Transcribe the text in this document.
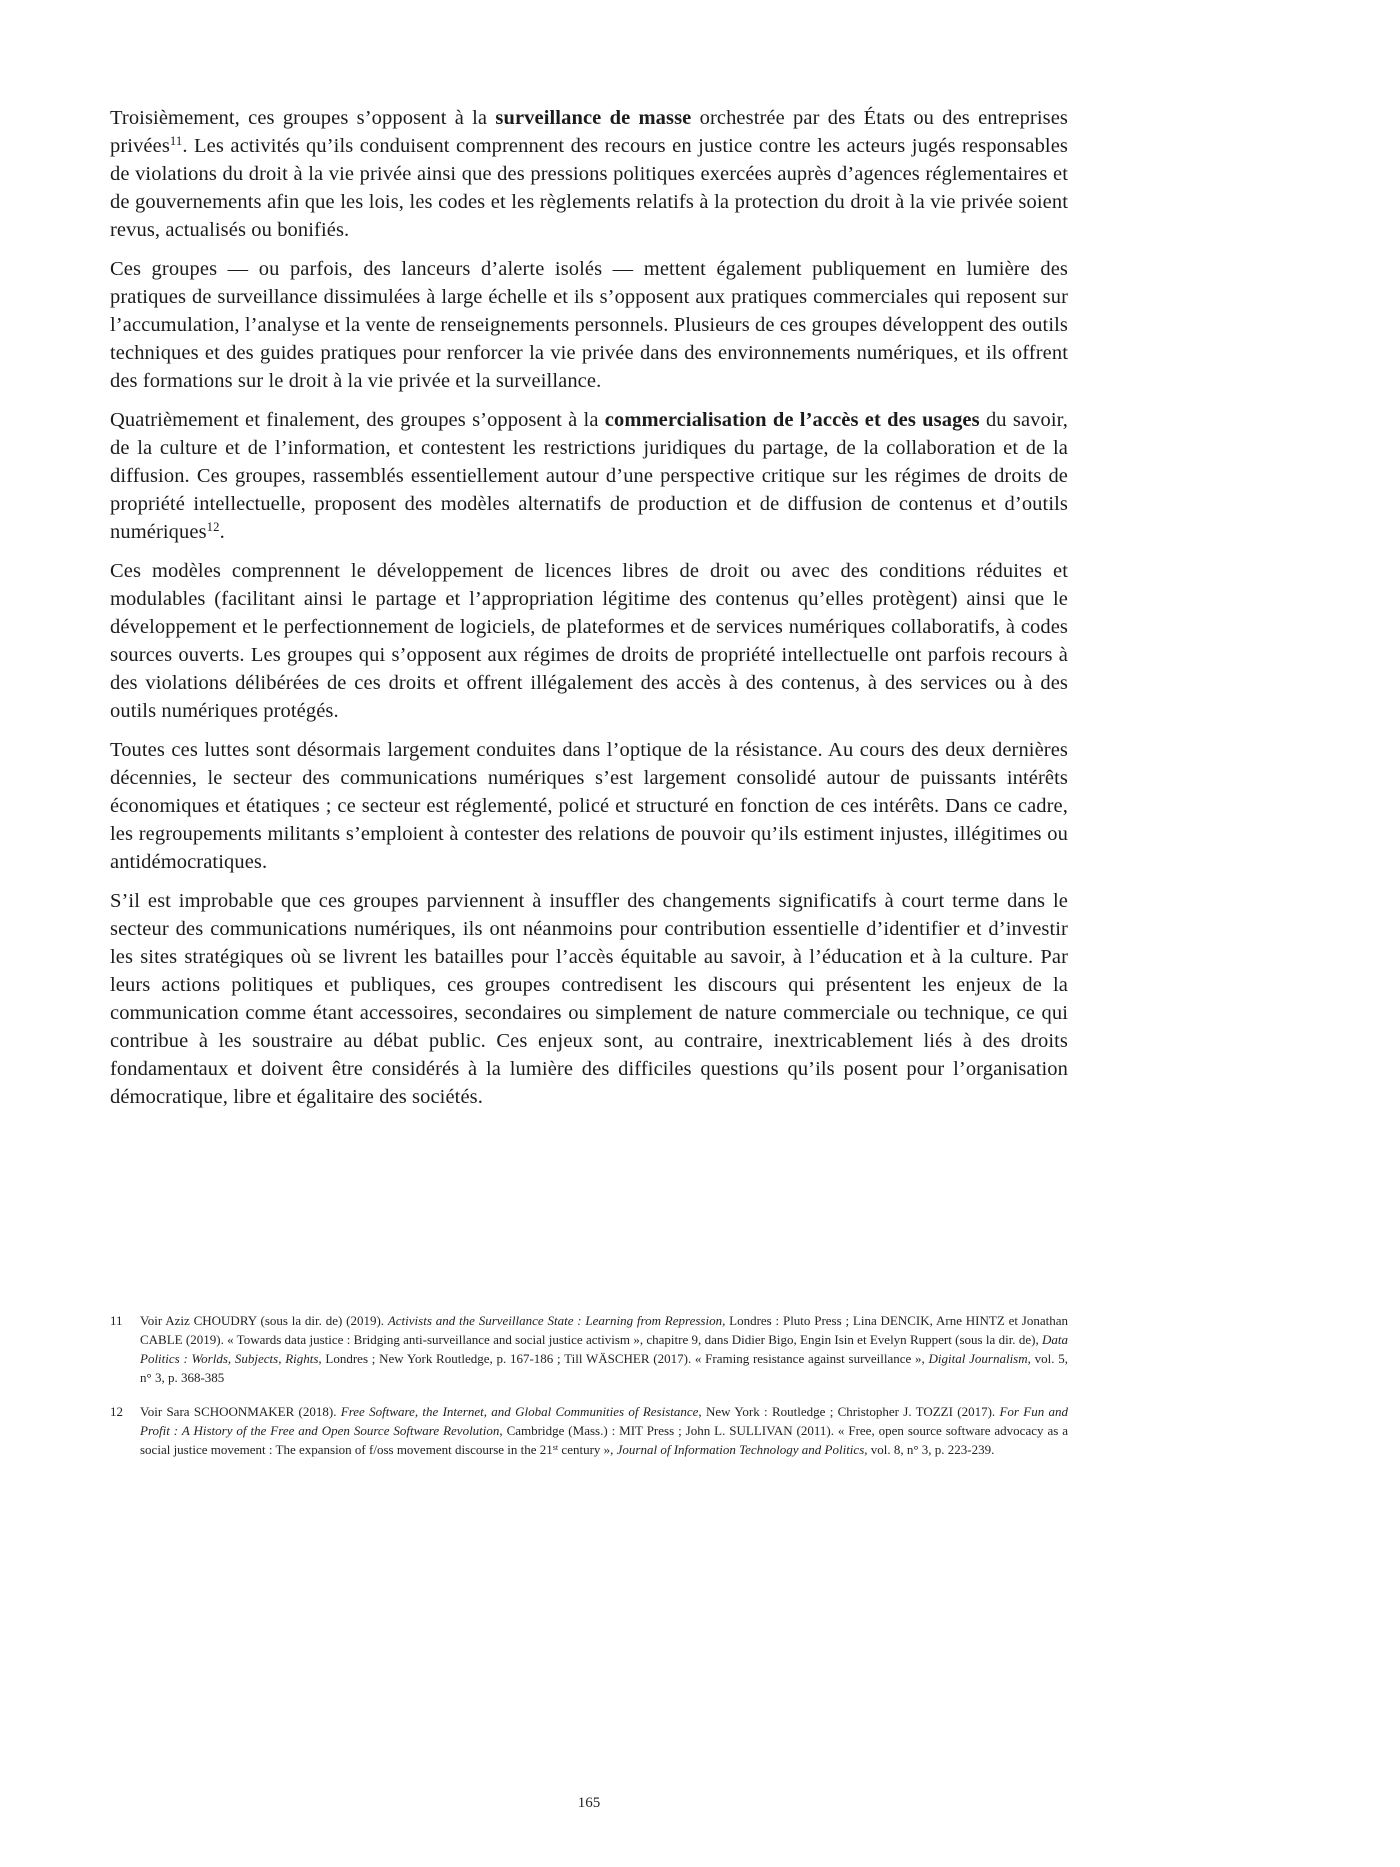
Troisièmement, ces groupes s’opposent à la surveillance de masse orchestrée par des États ou des entreprises privées$^{11}$. Les activités qu’ils conduisent comprennent des recours en justice contre les acteurs jugés responsables de violations du droit à la vie privée ainsi que des pressions politiques exercées auprès d’agences réglementaires et de gouvernements afin que les lois, les codes et les règlements relatifs à la protection du droit à la vie privée soient revus, actualisés ou bonifiés.

Ces groupes — ou parfois, des lanceurs d’alerte isolés — mettent également publiquement en lumière des pratiques de surveillance dissimulées à large échelle et ils s’opposent aux pratiques commerciales qui reposent sur l’accumulation, l’analyse et la vente de renseignements personnels. Plusieurs de ces groupes développent des outils techniques et des guides pratiques pour renforcer la vie privée dans des environnements numériques, et ils offrent des formations sur le droit à la vie privée et la surveillance.

Quatrièmement et finalement, des groupes s’opposent à la commercialisation de l’accès et des usages du savoir, de la culture et de l’information, et contestent les restrictions juridiques du partage, de la collaboration et de la diffusion. Ces groupes, rassemblés essentiellement autour d’une perspective critique sur les régimes de droits de propriété intellectuelle, proposent des modèles alternatifs de production et de diffusion de contenus et d’outils numériques$^{12}$.

Ces modèles comprennent le développement de licences libres de droit ou avec des conditions réduites et modulables (facilitant ainsi le partage et l’appropriation légitime des contenus qu’elles protègent) ainsi que le développement et le perfectionnement de logiciels, de plateformes et de services numériques collaboratifs, à codes sources ouverts. Les groupes qui s’opposent aux régimes de droits de propriété intellectuelle ont parfois recours à des violations délibérées de ces droits et offrent illégalement des accès à des contenus, à des services ou à des outils numériques protégés.

Toutes ces luttes sont désormais largement conduites dans l’optique de la résistance. Au cours des deux dernières décennies, le secteur des communications numériques s’est largement consolidé autour de puissants intérêts économiques et étatiques ; ce secteur est réglementé, policé et structuré en fonction de ces intérêts. Dans ce cadre, les regroupements militants s’emploient à contester des relations de pouvoir qu’ils estiment injustes, illégitimes ou antidémocratiques.

S’il est improbable que ces groupes parviennent à insuffler des changements significatifs à court terme dans le secteur des communications numériques, ils ont néanmoins pour contribution essentielle d’identifier et d’investir les sites stratégiques où se livrent les batailles pour l’accès équitable au savoir, à l’éducation et à la culture. Par leurs actions politiques et publiques, ces groupes contredisent les discours qui présentent les enjeux de la communication comme étant accessoires, secondaires ou simplement de nature commerciale ou technique, ce qui contribue à les soustraire au débat public. Ces enjeux sont, au contraire, inextricablement liés à des droits fondamentaux et doivent être considérés à la lumière des difficiles questions qu’ils posent pour l’organisation démocratique, libre et égalitaire des sociétés.

11 Voir Aziz CHOUDRY (sous la dir. de) (2019). Activists and the Surveillance State : Learning from Repression, Londres : Pluto Press ; Lina DENCIK, Arne HINTZ et Jonathan CABLE (2019). « Towards data justice : Bridging anti-surveillance and social justice activism », chapitre 9, dans Didier Bigo, Engin Isin et Evelyn Ruppert (sous la dir. de), Data Politics : Worlds, Subjects, Rights, Londres ; New York Routledge, p. 167-186 ; Till WÄSCHER (2017). « Framing resistance against surveillance », Digital Journalism, vol. 5, n° 3, p. 368-385
12 Voir Sara SCHOONMAKER (2018). Free Software, the Internet, and Global Communities of Resistance, New York : Routledge ; Christopher J. TOZZI (2017). For Fun and Profit : A History of the Free and Open Source Software Revolution, Cambridge (Mass.) : MIT Press ; John L. SULLIVAN (2011). « Free, open source software advocacy as a social justice movement : The expansion of f/oss movement discourse in the 21st century », Journal of Information Technology and Politics, vol. 8, n° 3, p. 223-239.
165
